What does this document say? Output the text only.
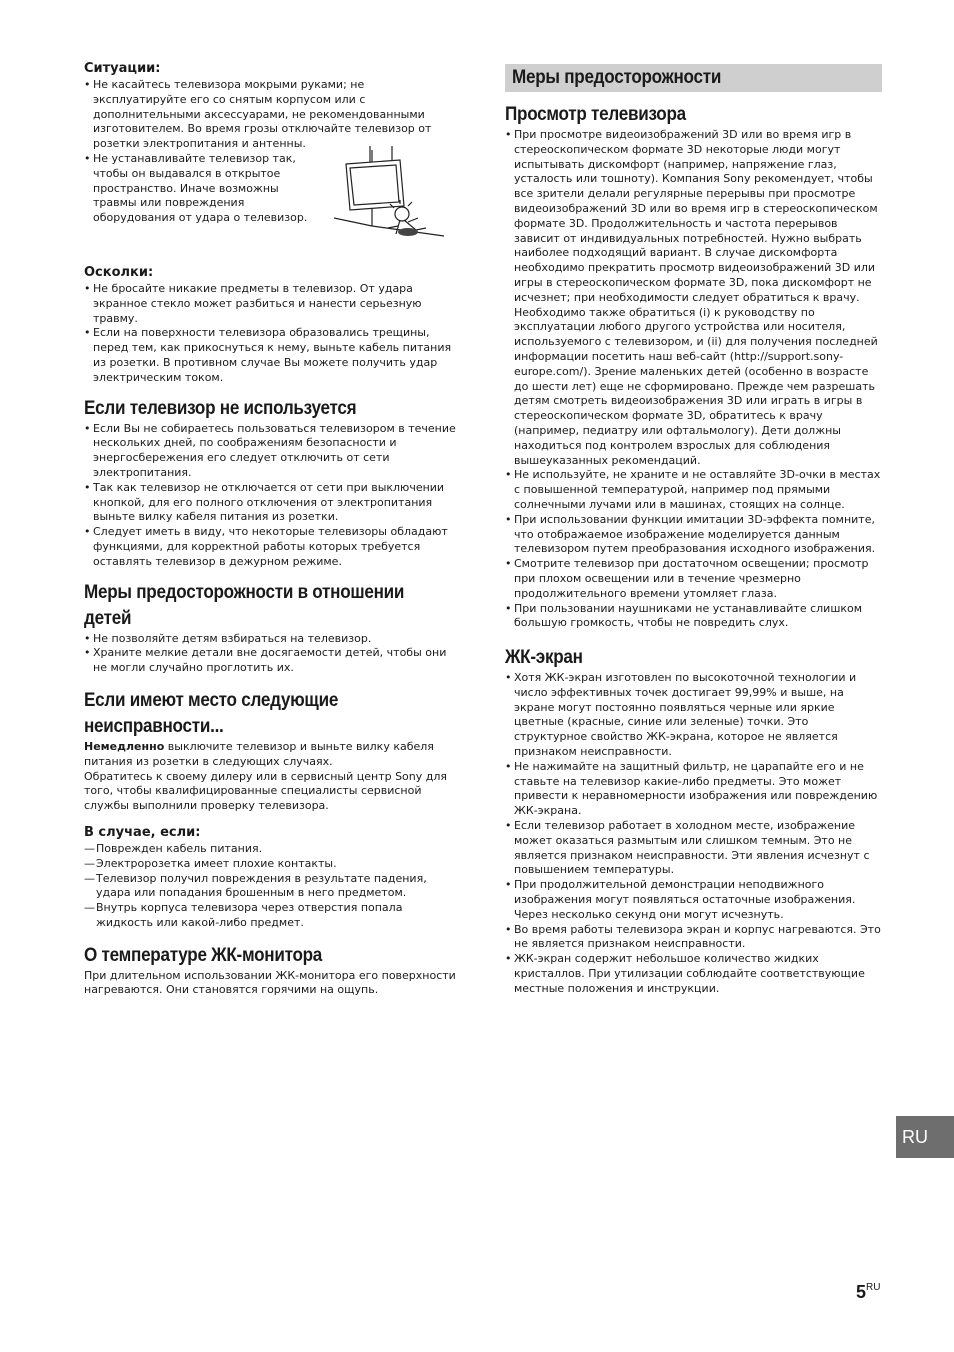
Ситуации:

• Не касайтесь телевизора мокрыми руками; не эксплуатируйте его со снятым корпусом или с дополнительными аксессуарами, не рекомендованными изготовителем. Во время грозы отключайте телевизор от розетки электропитания и антенны.
• Не устанавливайте телевизор так, чтобы он выдавался в открытое пространство. Иначе возможны травмы или повреждения оборудования от удара о телевизор.

Осколки:

• Не бросайте никакие предметы в телевизор. От удара экранное стекло может разбиться и нанести серьезную травму.
• Если на поверхности телевизора образовались трещины, перед тем, как прикоснуться к нему, выньте кабель питания из розетки. В противном случае Вы можете получить удар электрическим током.
Если телевизор не используется
• Если Вы не собираетесь пользоваться телевизором в течение нескольких дней, по соображениям безопасности и энергосбережения его следует отключить от сети электропитания.
• Так как телевизор не отключается от сети при выключении кнопкой, для его полного отключения от электропитания выньте вилку кабеля питания из розетки.
• Следует иметь в виду, что некоторые телевизоры обладают функциями, для корректной работы которых требуется оставлять телевизор в дежурном режиме.
Меры предосторожности в отношении
детей
• Не позволяйте детям взбираться на телевизор.
• Храните мелкие детали вне досягаемости детей, чтобы они не могли случайно проглотить их.
Если имеют место следующие
неисправности...

Немедленно выключите телевизор и выньте вилку кабеля питания из розетки в следующих случаях.

Обратитесь к своему дилеру или в сервисный центр Sony для того, чтобы квалифицированные специалисты сервисной службы выполнили проверку телевизора.

В случае, если:

— Поврежден кабель питания.
— Электророзетка имеет плохие контакты.
— Телевизор получил повреждения в результате падения, удара или попадания брошенным в него предметом.
— Внутрь корпуса телевизора через отверстия попала жидкость или какой-либо предмет.
О температуре ЖК-монитора

При длительном использовании ЖК-монитора его поверхности нагреваются. Они становятся горячими на ощупь.

Меры предосторожности
Просмотр телевизора
• При просмотре видеоизображений 3D или во время игр в стереоскопическом формате 3D некоторые люди могут испытывать дискомфорт (например, напряжение глаз, усталость или тошноту). Компания Sony рекомендует, чтобы все зрители делали регулярные перерывы при просмотре видеоизображений 3D или во время игр в стереоскопическом формате 3D. Продолжительность и частота перерывов зависит от индивидуальных потребностей. Нужно выбрать наиболее подходящий вариант. В случае дискомфорта необходимо прекратить просмотр видеоизображений 3D или игры в стереоскопическом формате 3D, пока дискомфорт не исчезнет; при необходимости следует обратиться к врачу. Необходимо также обратиться (i) к руководству по эксплуатации любого другого устройства или носителя, используемого с телевизором, и (ii) для получения последней информации посетить наш веб-сайт (http://support.sony-europe.com/). Зрение маленьких детей (особенно в возрасте до шести лет) еще не сформировано. Прежде чем разрешать детям смотреть видеоизображения 3D или играть в игры в стереоскопическом формате 3D, обратитесь к врачу (например, педиатру или офтальмологу). Дети должны находиться под контролем взрослых для соблюдения вышеуказанных рекомендаций.
• Не используйте, не храните и не оставляйте 3D-очки в местах с повышенной температурой, например под прямыми солнечными лучами или в машинах, стоящих на солнце.
• При использовании функции имитации 3D-эффекта помните, что отображаемое изображение моделируется данным телевизором путем преобразования исходного изображения.
• Смотрите телевизор при достаточном освещении; просмотр при плохом освещении или в течение чрезмерно продолжительного времени утомляет глаза.
• При пользовании наушниками не устанавливайте слишком большую громкость, чтобы не повредить слух.
ЖК-экран
• Хотя ЖК-экран изготовлен по высокоточной технологии и число эффективных точек достигает 99,99% и выше, на экране могут постоянно появляться черные или яркие цветные (красные, синие или зеленые) точки. Это структурное свойство ЖК-экрана, которое не является признаком неисправности.
• Не нажимайте на защитный фильтр, не царапайте его и не ставьте на телевизор какие-либо предметы. Это может привести к неравномерности изображения или повреждению ЖК-экрана.
• Если телевизор работает в холодном месте, изображение может оказаться размытым или слишком темным. Это не является признаком неисправности. Эти явления исчезнут с повышением температуры.
• При продолжительной демонстрации неподвижного изображения могут появляться остаточные изображения. Через несколько секунд они могут исчезнуть.
• Во время работы телевизора экран и корпус нагреваются. Это не является признаком неисправности.
• ЖК-экран содержит небольшое количество жидких кристаллов. При утилизации соблюдайте соответствующие местные положения и инструкции.
RU
$5^{RU}$
